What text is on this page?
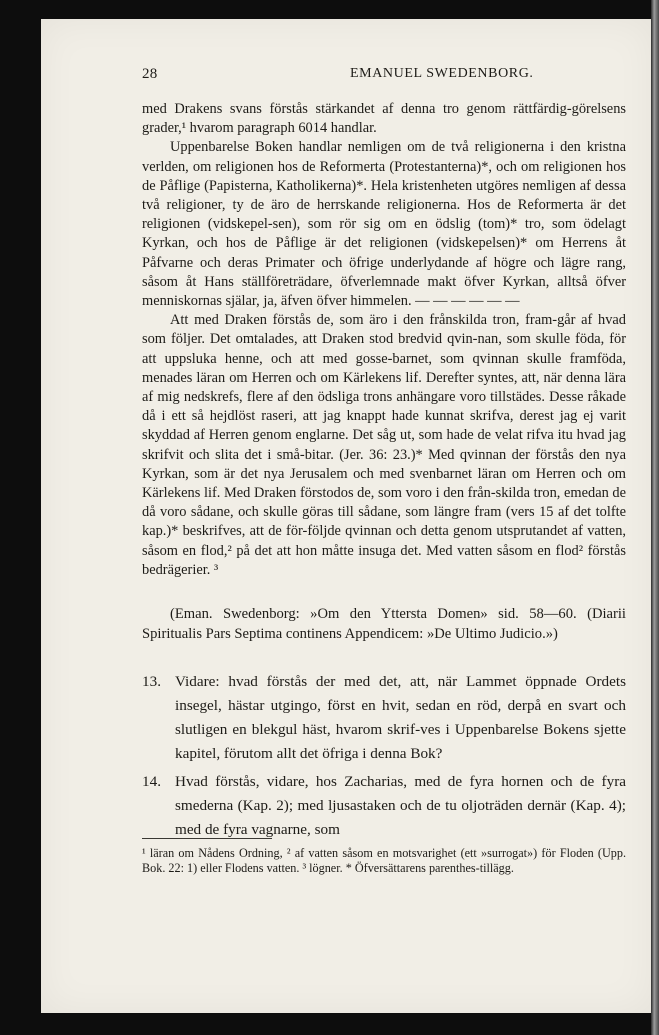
28	EMANUEL SWEDENBORG.

med Drakens svans förstås stärkandet af denna tro genom rättfärdig-görelsens grader,¹ hvarom paragraph 6014 handlar.

Uppenbarelse Boken handlar nemligen om de två religionerna i den kristna verlden, om religionen hos de Reformerta (Protestanterna)*, och om religionen hos de Påflige (Papisterna, Katholikerna)*. Hela kristenheten utgöres nemligen af dessa två religioner, ty de äro de herrskande religionerna. Hos de Reformerta är det religionen (vidskepel-sen), som rör sig om en ödslig (tom)* tro, som ödelagt Kyrkan, och hos de Påflige är det religionen (vidskepelsen)* om Herrens åt Påfvarne och deras Primater och öfrige underlydande af högre och lägre rang, såsom åt Hans ställföreträdare, öfverlemnade makt öfver Kyrkan, alltså öfver menniskornas själar, ja, äfven öfver himmelen. — — — — — —

Att med Draken förstås de, som äro i den frånskilda tron, fram-går af hvad som följer. Det omtalades, att Draken stod bredvid qvin-nan, som skulle föda, för att uppsluka henne, och att med gosse-barnet, som qvinnan skulle framföda, menades läran om Herren och om Kärlekens lif. Derefter syntes, att, när denna lära af mig nedskrefs, flere af den ödsliga trons anhängare voro tillstädes. Desse råkade då i ett så hejdlöst raseri, att jag knappt hade kunnat skrifva, derest jag ej varit skyddad af Herren genom englarne. Det såg ut, som hade de velat rifva itu hvad jag skrifvit och slita det i små-bitar. (Jer. 36: 23.)* Med qvinnan der förstås den nya Kyrkan, som är det nya Jerusalem och med svenbarnet läran om Herren och om Kärlekens lif. Med Draken förstodos de, som voro i den från-skilda tron, emedan de då voro sådane, och skulle göras till sådane, som längre fram (vers 15 af det tolfte kap.)* beskrifves, att de för-följde qvinnan och detta genom utsprutandet af vatten, såsom en flod,² på det att hon måtte insuga det. Med vatten såsom en flod² förstås bedrägerier. ³

(Eman. Swedenborg: »Om den Yttersta Domen» sid. 58—60. (Diarii Spiritualis Pars Septima continens Appendicem: »De Ultimo Judicio.»)
13. Vidare: hvad förstås der med det, att, när Lammet öppnade Ordets insegel, hästar utgingo, först en hvit, sedan en röd, derpå en svart och slutligen en blekgul häst, hvarom skrif-ves i Uppenbarelse Bokens sjette kapitel, förutom allt det öfriga i denna Bok?
14. Hvad förstås, vidare, hos Zacharias, med de fyra hornen och de fyra smederna (Kap. 2); med ljusastaken och de tu oljoträden dernär (Kap. 4); med de fyra vagnarne, som
¹ läran om Nådens Ordning, ² af vatten såsom en motsvarighet (ett »surrogat») för Floden (Upp. Bok. 22: 1) eller Flodens vatten. ³ lögner. * Öfversättarens parenthes-tillägg.
